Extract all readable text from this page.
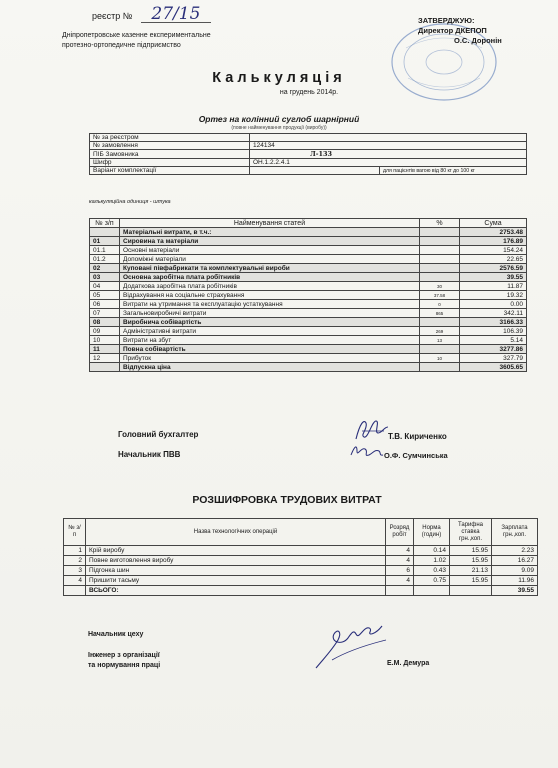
реєстр № 27/15
Дніпропетровське казенне експериментальне
протезно-ортопедичне підприємство
ЗАТВЕРДЖУЮ:
Директор ДКЕПОП
О.С. Доронін
Калькуляція
на грудень 2014р.
Ортез на колінний суглоб шарнірний
(повне найменування продукції (виробу))
№ за реєстром		
№ замовлення	124134	
ПІБ Замовника	Л-133	
Шифр	ОН.1.2.2.4.1	
Варіант комплектації		для пацієнтів вагою від 80 кг до 100 кг
калькуляційна одиниця - штука
№ з/п	Найменування статей	%	Сума
	Матеріальні витрати, в т.ч.:		2753.48
01	Сировина та матеріали		176.89
01.1	Основні матеріали		154.24
01.2	Допоміжні матеріали		22.65
02	Куповані півфабрикати та комплектувальні вироби		2576.59
03	Основна заробітна плата робітників		39.55
04	Додаткова заробітна плата робітників	30	11.87
05	Відрахування на соціальне страхування	37.58	19.32
06	Витрати на утримання та експлуатацію устаткування	0	0.00
07	Загальновиробничі витрати	865	342.11
08	Виробнича собівартість		3166.33
09	Адміністративні витрати	269	106.39
10	Витрати на збут	13	5.14
11	Повна собівартість		3277.86
12	Прибуток	10	327.79
	Відпускна ціна		3605.65
Головний бухгалтер	Т.В. Кириченко
Начальник ПВВ	О.Ф. Сумчинська
РОЗШИФРОВКА ТРУДОВИХ ВИТРАТ
№ з/п	Назва технологічних операцій	Розряд робіт	Норма (годин)	Тарифна ставка грн.,коп.	Зарплата грн.,коп.
1	Крій виробу	4	0.14	15.95	2.23
2	Повне виготовлення виробу	4	1.02	15.95	16.27
3	Підгонка шин	6	0.43	21.13	9.09
4	Пришити тасьму	4	0.75	15.95	11.96
	ВСЬОГО:				39.55
Начальник цеху
Інженер з організації
та нормування праці	Е.М. Демура
